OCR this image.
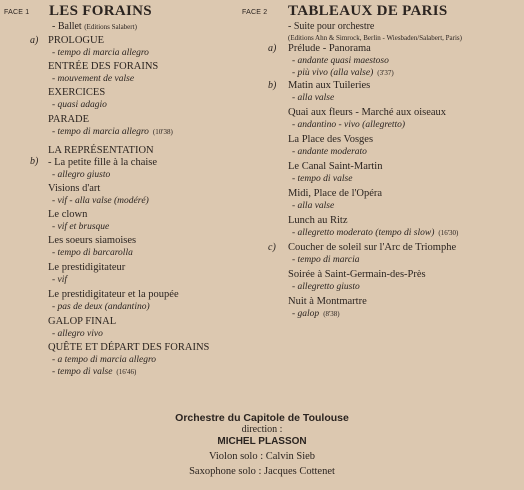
FACE 1 LES FORAINS
- Ballet (Editions Salabert)
a)
b)
PROLOGUE
- tempo di marcia allegro
ENTRÉE DES FORAINS
- mouvement de valse
EXERCICES
- quasi adagio
PARADE
- tempo di marcia allegro (10'38)
LA REPRÉSENTATION
- La petite fille à la chaise
- allegro giusto
Visions d'art
- vif - alla valse (modéré)
Le clown
- vif et brusque
Les soeurs siamoises
- tempo di barcarolla
Le prestidigitateur
- vif
Le prestidigitateur et la poupée
- pas de deux (andantino)
GALOP FINAL
- allegro vivo
QUÊTE ET DÉPART DES FORAINS
- a tempo di marcia allegro
- tempo di valse (16'46)
FACE 2 TABLEAUX DE PARIS
- Suite pour orchestre
(Editions Ahn & Simrock, Berlin - Wiesbaden/Salabert, Paris)
a)
b)
c)
Prélude - Panorama
- andante quasi maestoso
- più vivo (alla valse) (3'37)
Matin aux Tuileries
- alla valse
Quai aux fleurs - Marché aux oiseaux
- andantino - vivo (allegretto)
La Place des Vosges
- andante moderato
Le Canal Saint-Martin
- tempo di valse
Midi, Place de l'Opéra
- alla valse
Lunch au Ritz
- allegretto moderato (tempo di slow) (16'30)
Coucher de soleil sur l'Arc de Triomphe
- tempo di marcia
Soirée à Saint-Germain-des-Près
- allegretto giusto
Nuit à Montmartre
- galop (8'38)
Orchestre du Capitole de Toulouse
direction :
MICHEL PLASSON
Violon solo : Calvin Sieb
Saxophone solo : Jacques Cottenet
